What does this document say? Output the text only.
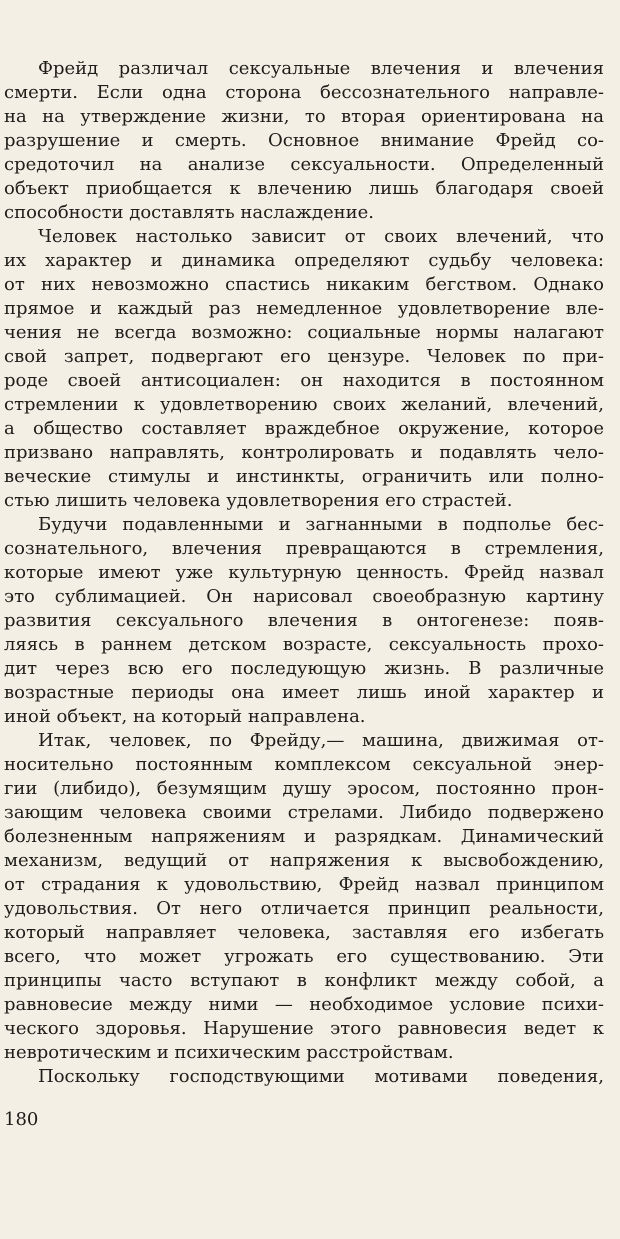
Фрейд различал сексуальные влечения и влечения
смерти. Если одна сторона бессознательного направле-
на на утверждение жизни, то вторая ориентирована на
разрушение и смерть. Основное внимание Фрейд со-
средоточил на анализе сексуальности. Определенный
объект приобщается к влечению лишь благодаря своей
способности доставлять наслаждение.
Человек настолько зависит от своих влечений, что
их характер и динамика определяют судьбу человека:
от них невозможно спастись никаким бегством. Однако
прямое и каждый раз немедленное удовлетворение вле-
чения не всегда возможно: социальные нормы налагают
свой запрет, подвергают его цензуре. Человек по при-
роде своей антисоциален: он находится в постоянном
стремлении к удовлетворению своих желаний, влечений,
а общество составляет враждебное окружение, которое
призвано направлять, контролировать и подавлять чело-
веческие стимулы и инстинкты, ограничить или полно-
стью лишить человека удовлетворения его страстей.
Будучи подавленными и загнанными в подполье бес-
сознательного, влечения превращаются в стремления,
которые имеют уже культурную ценность. Фрейд назвал
это сублимацией. Он нарисовал своеобразную картину
развития сексуального влечения в онтогенезе: появ-
ляясь в раннем детском возрасте, сексуальность прохо-
дит через всю его последующую жизнь. В различные
возрастные периоды она имеет лишь иной характер и
иной объект, на который направлена.
Итак, человек, по Фрейду,— машина, движимая от-
носительно постоянным комплексом сексуальной энер-
гии (либидо), безумящим душу эросом, постоянно прон-
зающим человека своими стрелами. Либидо подвержено
болезненным напряжениям и разрядкам. Динамический
механизм, ведущий от напряжения к высвобождению,
от страдания к удовольствию, Фрейд назвал принципом
удовольствия. От него отличается принцип реальности,
который направляет человека, заставляя его избегать
всего, что может угрожать его существованию. Эти
принципы часто вступают в конфликт между собой, а
равновесие между ними — необходимое условие психи-
ческого здоровья. Нарушение этого равновесия ведет к
невротическим и психическим расстройствам.
Поскольку господствующими мотивами поведения,
180
